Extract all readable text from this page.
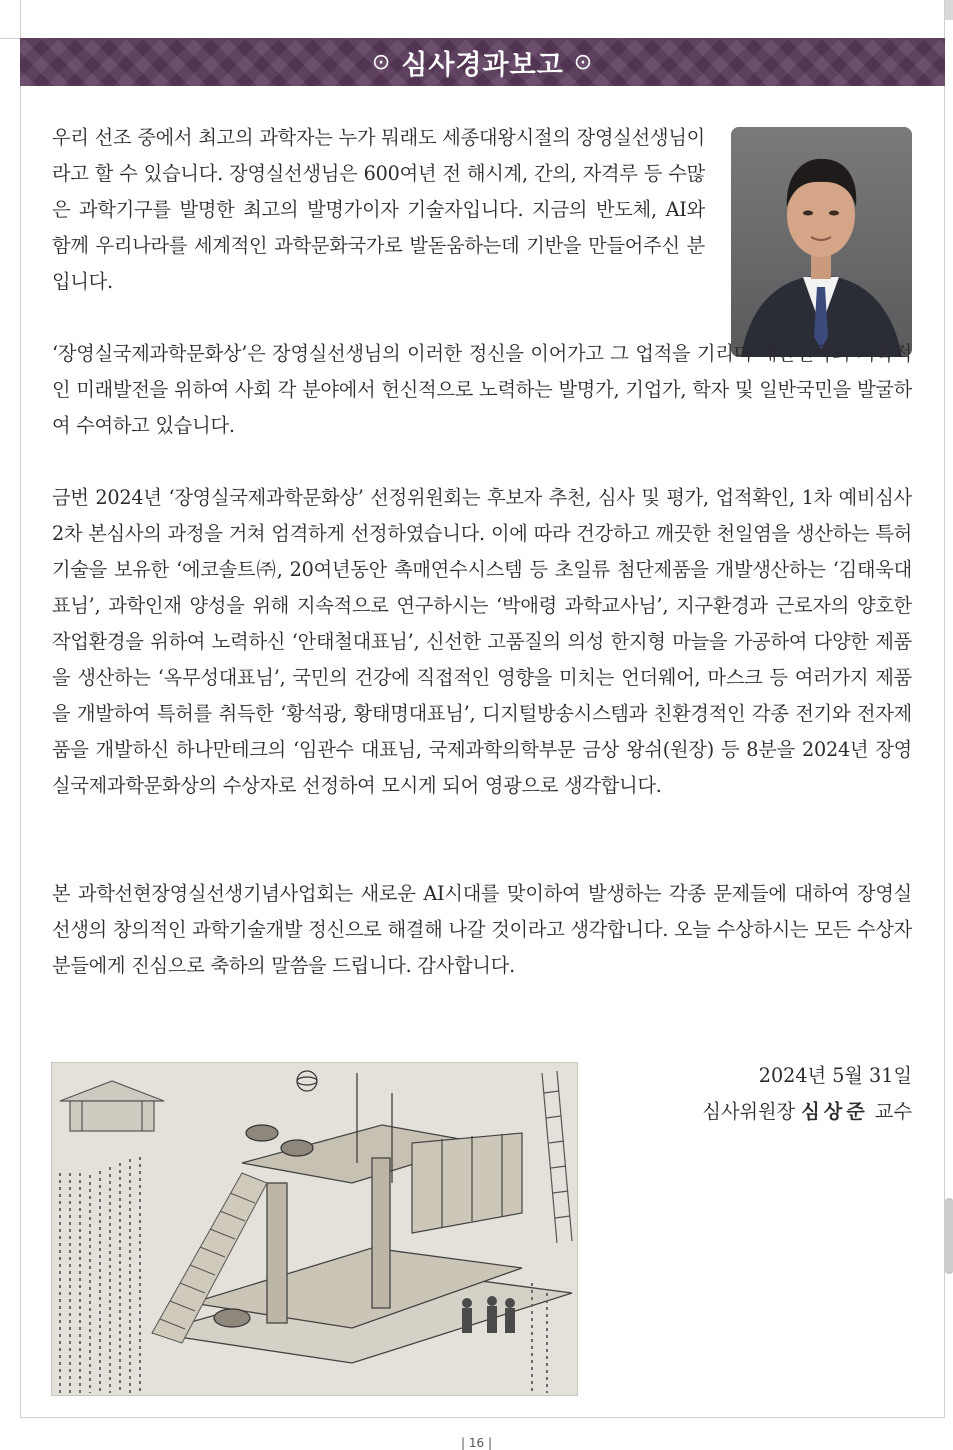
⊙ 심사경과보고 ⊙

우리 선조 중에서 최고의 과학자는 누가 뭐래도 세종대왕시절의 장영실선생님이라고 할 수 있습니다. 장영실선생님은 600여년 전 해시계, 간의, 자격루 등 수많은 과학기구를 발명한 최고의 발명가이자 기술자입니다. 지금의 반도체, AI와 함께 우리나라를 세계적인 과학문화국가로 발돋움하는데 기반을 만들어주신 분입니다.

‘장영실국제과학문화상’은 장영실선생님의 이러한 정신을 이어가고 그 업적을 기리며 대한민국의 지속적인 미래발전을 위하여 사회 각 분야에서 헌신적으로 노력하는 발명가, 기업가, 학자 및 일반국민을 발굴하여 수여하고 있습니다.

금번 2024년 ‘장영실국제과학문화상’ 선정위원회는 후보자 추천, 심사 및 평가, 업적확인, 1차 예비심사 2차 본심사의 과정을 거쳐 엄격하게 선정하였습니다. 이에 따라 건강하고 깨끗한 천일염을 생산하는 특허기술을 보유한 ‘에코솔트㈜, 20여년동안 촉매연수시스템 등 초일류 첨단제품을 개발생산하는 ‘김태욱대표님’, 과학인재 양성을 위해 지속적으로 연구하시는 ‘박애령 과학교사님’, 지구환경과 근로자의 양호한 작업환경을 위하여 노력하신 ‘안태철대표님’, 신선한 고품질의 의성 한지형 마늘을 가공하여 다양한 제품을 생산하는 ‘옥무성대표님’, 국민의 건강에 직접적인 영향을 미치는 언더웨어, 마스크 등 여러가지 제품을 개발하여 특허를 취득한 ‘황석광, 황태명대표님’, 디지털방송시스템과 친환경적인 각종 전기와 전자제품을 개발하신 하나만테크의 ‘임관수 대표님, 국제과학의학부문 금상 왕쉬(원장) 등 8분을 2024년 장영실국제과학문화상의 수상자로 선정하여 모시게 되어 영광으로 생각합니다.

본 과학선현장영실선생기념사업회는 새로운 AI시대를 맞이하여 발생하는 각종 문제들에 대하여 장영실선생의 창의적인 과학기술개발 정신으로 해결해 나갈 것이라고 생각합니다. 오늘 수상하시는 모든 수상자분들에게 진심으로 축하의 말씀을 드립니다. 감사합니다.

2024년 5월 31일
심사위원장 심상준 교수
| 16 |
